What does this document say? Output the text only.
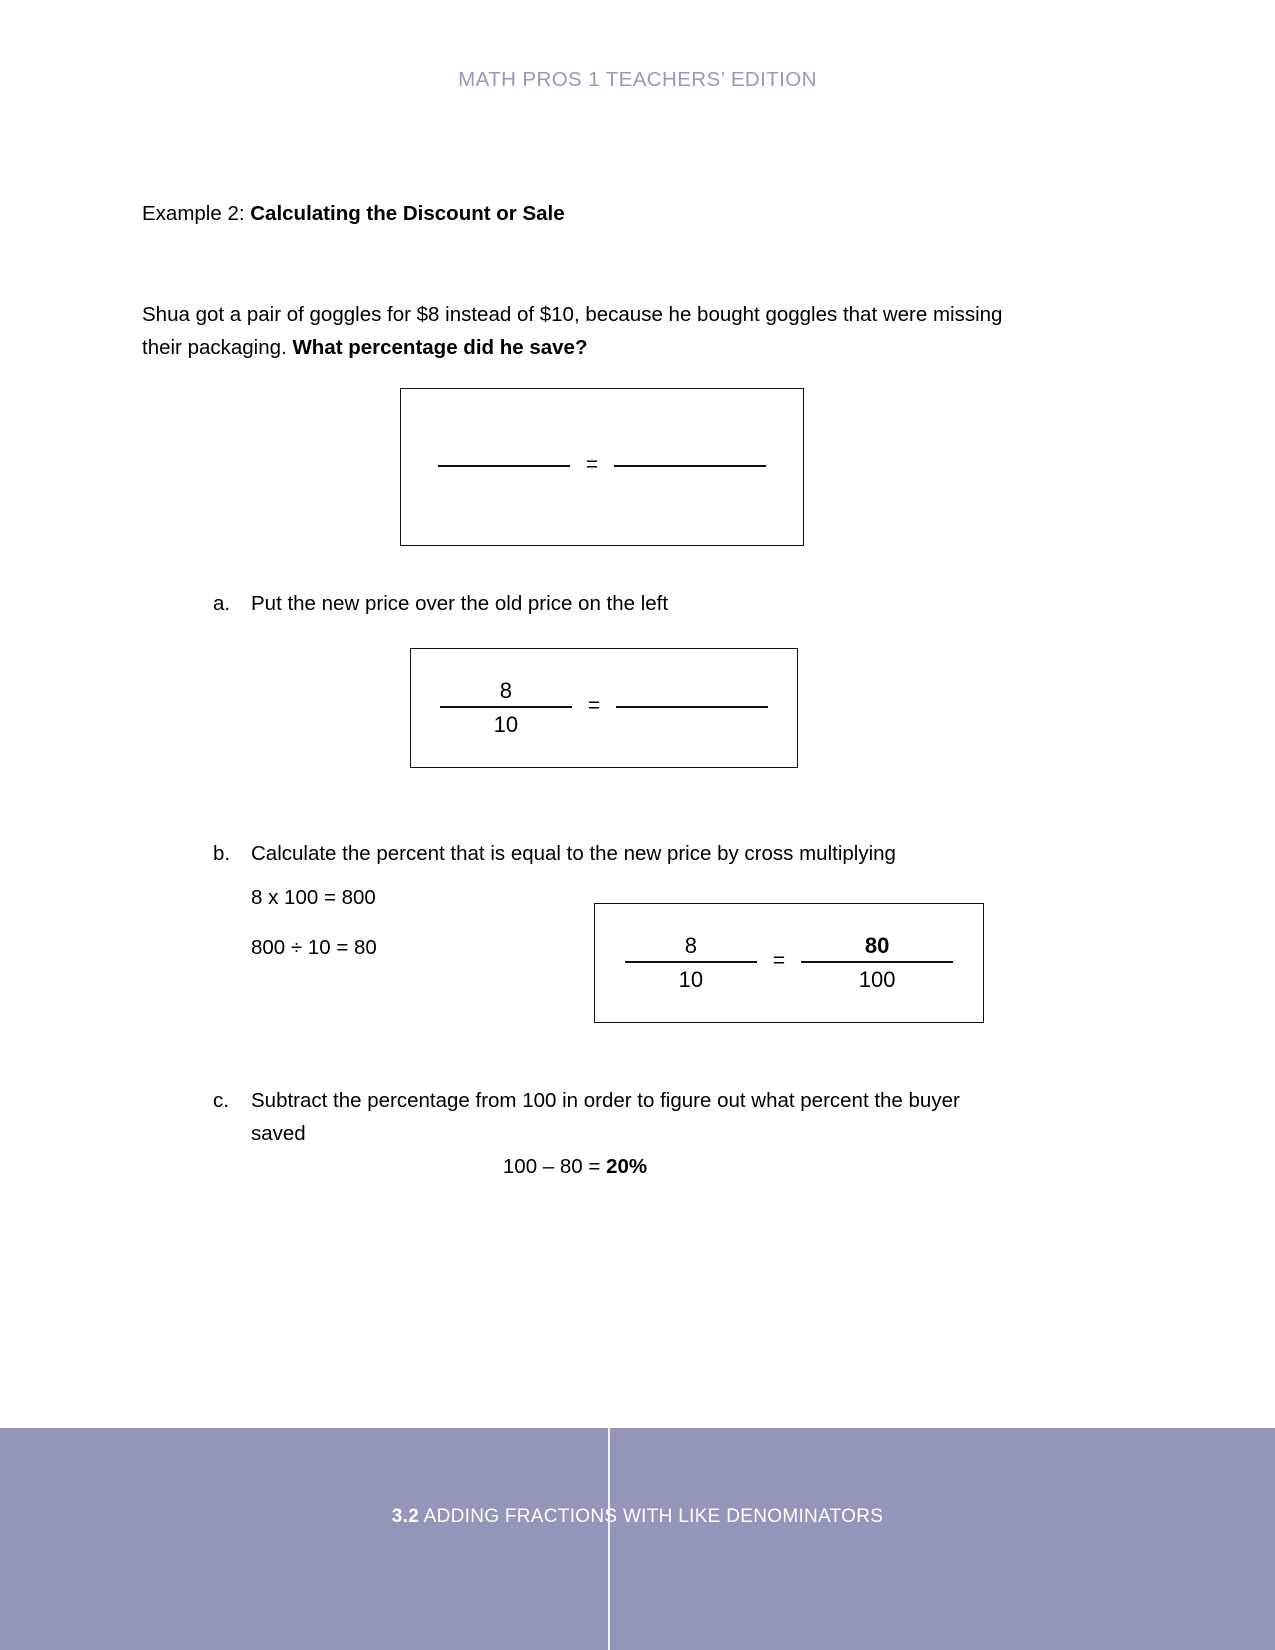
MATH PROS 1 TEACHERS’ EDITION

Example 2: Calculating the Discount or Sale

Shua got a pair of goggles for $8 instead of $10, because he bought goggles that were missing their packaging. What percentage did he save?

=
$\frac{8}{10}$ =
$\frac{8}{10} = \frac{80}{100}$
a.	Put the new price over the old price on the left
b.	Calculate the percent that is equal to the new price by cross multiplying
c.	Subtract the percentage from 100 in order to figure out what percent the buyer saved
8 x 100 = 800
800 ÷ 10 = 80
100 – 80 = 20%
3.2 ADDING FRACTIONS WITH LIKE DENOMINATORS
